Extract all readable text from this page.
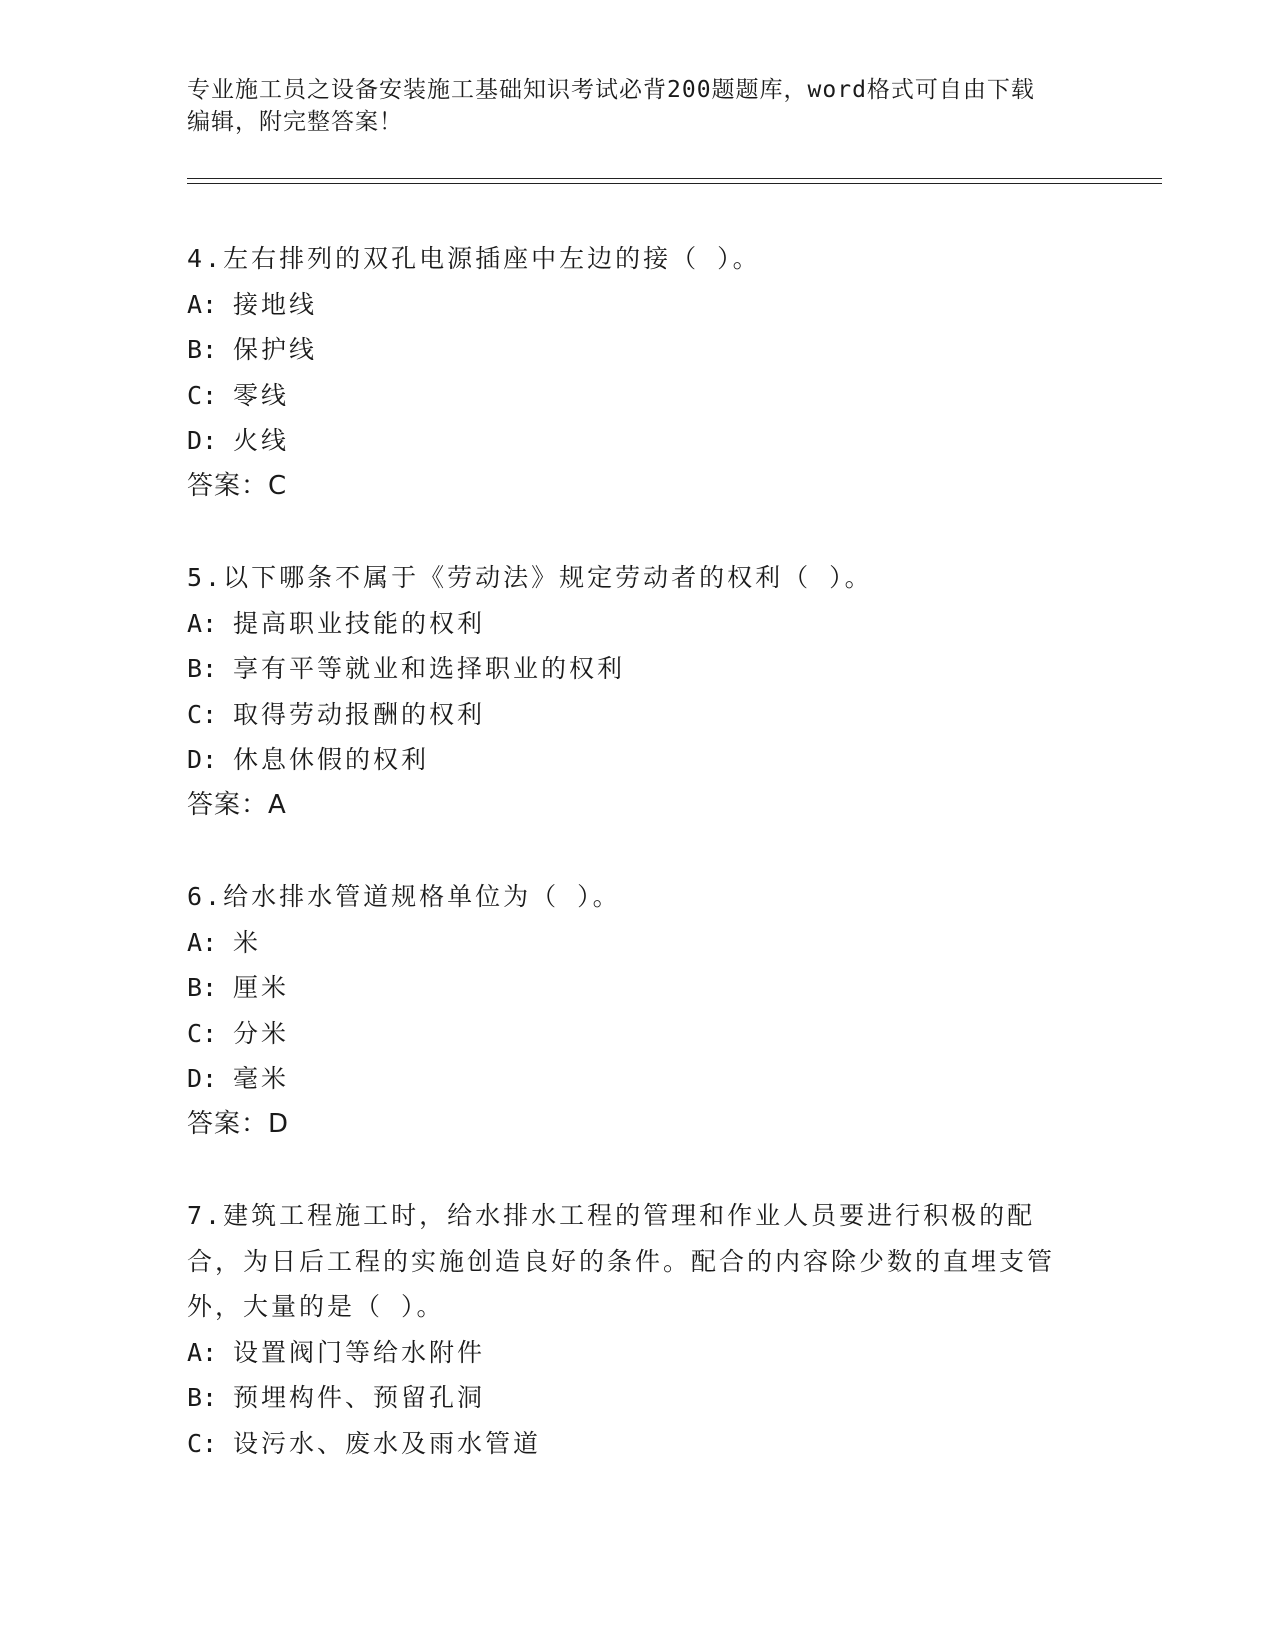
专业施工员之设备安装施工基础知识考试必背200题题库，word格式可自由下载
编辑，附完整答案！
4.左右排列的双孔电源插座中左边的接（ ）。
A: 接地线
B: 保护线
C: 零线
D: 火线
答案：C
5.以下哪条不属于《劳动法》规定劳动者的权利（ ）。
A: 提高职业技能的权利
B: 享有平等就业和选择职业的权利
C: 取得劳动报酬的权利
D: 休息休假的权利
答案：A
6.给水排水管道规格单位为（ ）。
A: 米
B: 厘米
C: 分米
D: 毫米
答案：D
7.建筑工程施工时，给水排水工程的管理和作业人员要进行积极的配合，为日后工程的实施创造良好的条件。配合的内容除少数的直埋支管外，大量的是（ ）。
A: 设置阀门等给水附件
B: 预埋构件、预留孔洞
C: 设污水、废水及雨水管道
